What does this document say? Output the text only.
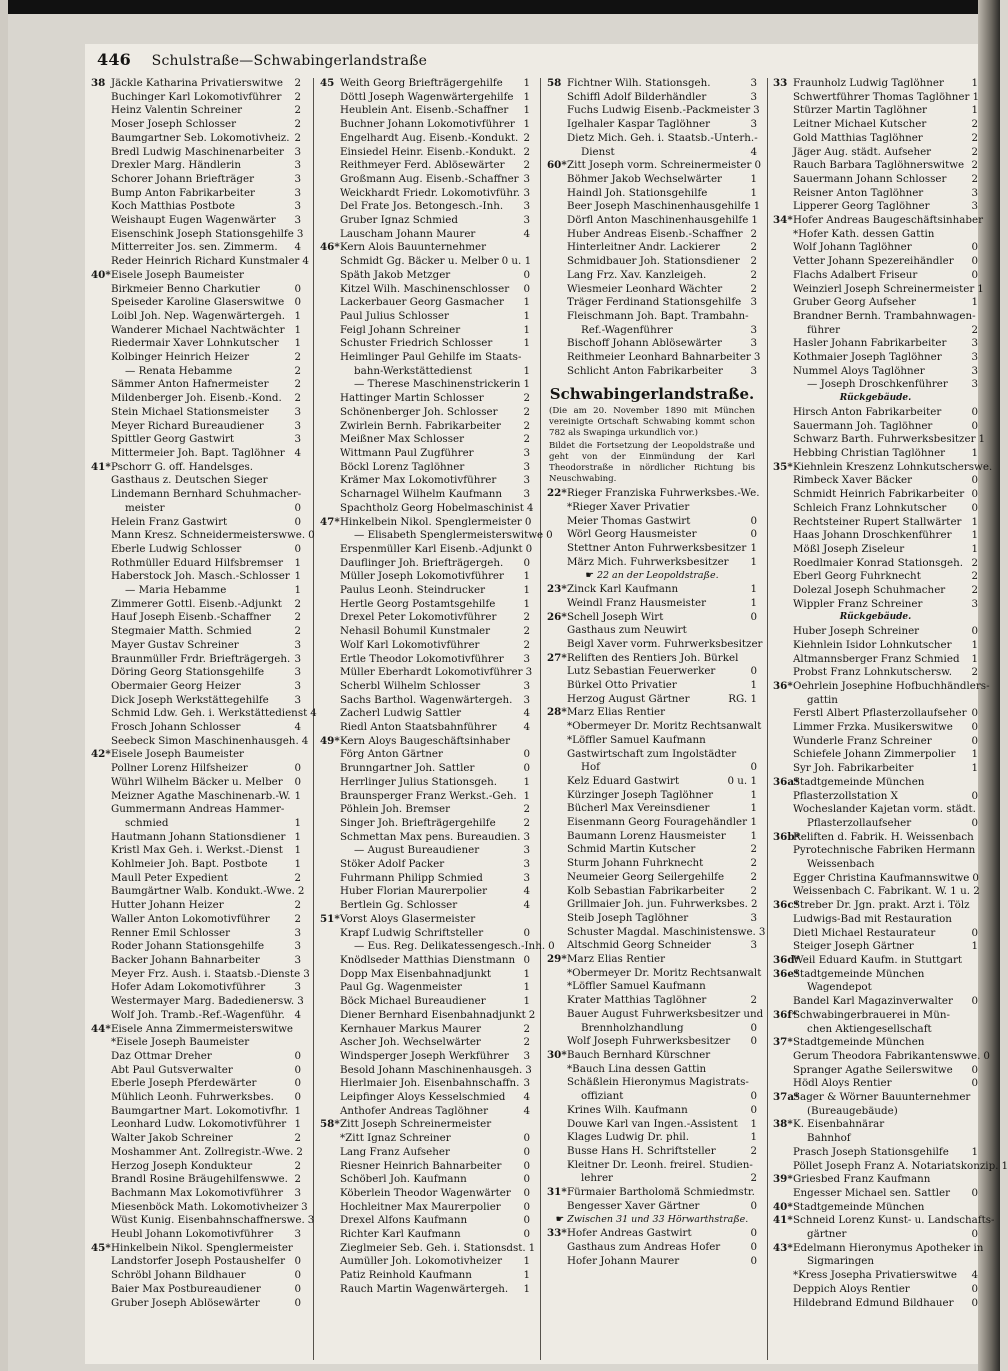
446 Schulstraße—Schwabingerlandstraße
38 Jäckle Katharina Privatierswitwe	2
Buchinger Karl Lokomotivführer	2
Heinz Valentin Schreiner	2
Moser Joseph Schlosser	2
Baumgartner Seb. Lokomotivheiz. 2
Bredl Ludwig Maschinenarbeiter	3
Drexler Marg. Händlerin	3
Schorer Johann Briefträger	3
Bump Anton Fabrikarbeiter	3
Koch Matthias Postbote	3
Weishaupt Eugen Wagenwärter	3
Eisenschink Joseph Stationsgehilfe 3
Mitterreiter Jos. sen. Zimmerm.	4
Reder Heinrich Richard Kunstmaler 4
40* Eisele Joseph Baumeister
Birkmeier Benno Charkutier	0
Speiseder Karoline Glaserswitwe 0
Loibl Joh. Nep. Wagenwärtergeh. 1
Wanderer Michael Nachtwächter 1
Riedermair Xaver Lohnkutscher	1
Kolbinger Heinrich Heizer	2
— Renata Hebamme	2
Sämmer Anton Hafnermeister	2
Mildenberger Joh. Eisenb.-Kond.	2
Stein Michael Stationsmeister	3
Meyer Richard Bureaudiener	3
Spittler Georg Gastwirt	3
Mittermeier Joh. Bapt. Taglöhner 4
41* Pschorr G. off. Handelsges.
Gasthaus z. Deutschen Sieger
Lindemann Bernhard Schuhmacher-
meister	0
Helein Franz Gastwirt	0
Mann Kresz. Schneidermeisterswwe. 0
Eberle Ludwig Schlosser	0
Rothmüller Eduard Hilfsbremser	1
Haberstock Joh. Masch.-Schlosser 1
— Maria Hebamme	1
Zimmerer Gottl. Eisenb.-Adjunkt	2
Hauf Joseph Eisenb.-Schaffner	2
Stegmaier Matth. Schmied	2
Mayer Gustav Schreiner	3
Braunmüller Frdr. Briefträgergeh. 3
Döring Georg Stationsgehilfe	3
Obermaier Georg Heizer	3
Dick Joseph Werkstättegehilfe	3
Schmid Ldw. Geh. i. Werkstättedienst 4
Frosch Johann Schlosser	4
Seebeck Simon Maschinenhausgeh. 4
42* Eisele Joseph Baumeister
Pollner Lorenz Hilfsheizer	0
Wührl Wilhelm Bäcker u. Melber	0
Meizner Agathe Maschinenarb.-W. 1
Gummermann Andreas Hammer-
schmied	1
Hautmann Johann Stationsdiener 1
Kristl Max Geh. i. Werkst.-Dienst	1
Kohlmeier Joh. Bapt. Postbote	1
Maull Peter Expedient	2
Baumgärtner Walb. Kondukt.-Wwe. 2
Hutter Johann Heizer	2
Waller Anton Lokomotivführer	2
Renner Emil Schlosser	3
Roder Johann Stationsgehilfe	3
Backer Johann Bahnarbeiter	3
Meyer Frz. Aush. i. Staatsb.-Dienste 3
Hofer Adam Lokomotivführer	3
Westermayer Marg. Badedienersw. 3
Wolf Joh. Tramb.-Ref.-Wagenführ. 4
44* Eisele Anna Zimmermeisterswitwe
*Eisele Joseph Baumeister
Daz Ottmar Dreher	0
Abt Paul Gutsverwalter	0
Eberle Joseph Pferdewärter	0
Mühlich Leonh. Fuhrwerksbes.	0
Baumgartner Mart. Lokomotivfhr. 1
Leonhard Ludw. Lokomotivführer 1
Walter Jakob Schreiner	2
Moshammer Ant. Zollregistr.-Wwe. 2
Herzog Joseph Kondukteur	2
Brandl Rosine Bräugehilfenswwe. 2
Bachmann Max Lokomotivführer	3
Miesenböck Math. Lokomotivheizer 3
Wüst Kunig. Eisenbahnschaffnerswe. 3
Heubl Johann Lokomotivführer	3
45* Hinkelbein Nikol. Spenglermeister
Landstorfer Joseph Postaushelfer 0
Schröbl Johann Bildhauer	0
Baier Max Postbureaudiener	0
Gruber Joseph Ablösewärter	0
45 Weith Georg Briefträgergehilfe	1
Döttl Joseph Wagenwärtergehilfe 1
Heublein Ant. Eisenb.-Schaffner	1
Buchner Johann Lokomotivführer 1
Engelhardt Aug. Eisenb.-Kondukt. 2
Einsiedel Heinr. Eisenb.-Kondukt. 2
Reithmeyer Ferd. Ablösewärter	2
Großmann Aug. Eisenb.-Schaffner 3
Weickhardt Friedr. Lokomotivführ. 3
Del Frate Jos. Betongesch.-Inh.	3
Gruber Ignaz Schmied	3
Lauscham Johann Maurer	4
46* Kern Alois Bauunternehmer
Schmidt Gg. Bäcker u. Melber 0 u. 1
Späth Jakob Metzger	0
Kitzel Wilh. Maschinenschlosser	0
Lackerbauer Georg Gasmacher	1
Paul Julius Schlosser	1
Feigl Johann Schreiner	1
Schuster Friedrich Schlosser	1
Heimlinger Paul Gehilfe im Staats-
bahn-Werkstättedienst	1
— Therese Maschinenstrickerin 1
Hattinger Martin Schlosser	2
Schönenberger Joh. Schlosser	2
Zwirlein Bernh. Fabrikarbeiter	2
Meißner Max Schlosser	2
Wittmann Paul Zugführer	3
Böckl Lorenz Taglöhner	3
Krämer Max Lokomotivführer	3
Scharnagel Wilhelm Kaufmann	3
Spachtholz Georg Hobelmaschinist 4
47* Hinkelbein Nikol. Spenglermeister 0
— Elisabeth Spenglermeisterswitwe 0
Erspenmüller Karl Eisenb.-Adjunkt 0
Dauflinger Joh. Briefträgergeh.	0
Müller Joseph Lokomotivführer	1
Paulus Leonh. Steindrucker	1
Hertle Georg Postamtsgehilfe	1
Drexel Peter Lokomotivführer	2
Nehasil Bohumil Kunstmaler	2
Wolf Karl Lokomotivführer	2
Ertle Theodor Lokomotivführer	3
Müller Eberhardt Lokomotivführer 3
Scherbl Wilhelm Schlosser	3
Sachs Barthol. Wagenwärtergeh.	3
Zacherl Ludwig Sattler	4
Riedl Anton Staatsbahnführer	4
49* Kern Aloys Baugeschäftsinhaber
Förg Anton Gärtner	0
Brunngartner Joh. Sattler	0
Herrlinger Julius Stationsgeh.	1
Braunsperger Franz Werkst.-Geh. 1
Pöhlein Joh. Bremser	2
Singer Joh. Briefträgergehilfe	2
Schmettan Max pens. Bureaudien. 3
— August Bureaudiener	3
Stöker Adolf Packer	3
Fuhrmann Philipp Schmied	3
Huber Florian Maurerpolier	4
Bertlein Gg. Schlosser	4
51* Vorst Aloys Glasermeister
Krapf Ludwig Schriftsteller	0
— Eus. Reg. Delikatessengesch.-Inh. 0
Knödlseder Matthias Dienstmann 0
Dopp Max Eisenbahnadjunkt	1
Paul Gg. Wagenmeister	1
Böck Michael Bureaudiener	1
Diener Bernhard Eisenbahnadjunkt 2
Kernhauer Markus Maurer	2
Ascher Joh. Wechselwärter	2
Windsperger Joseph Werkführer	3
Besold Johann Maschinenhausgeh. 3
Hierlmaier Joh. Eisenbahnschaffn. 3
Leipfinger Aloys Kesselschmied	4
Anthofer Andreas Taglöhner	4
58* Zitt Joseph Schreinermeister
*Zitt Ignaz Schreiner	0
Lang Franz Aufseher	0
Riesner Heinrich Bahnarbeiter	0
Schöberl Joh. Kaufmann	0
Köberlein Theodor Wagenwärter	0
Hochleitner Max Maurerpolier	0
Drexel Alfons Kaufmann	0
Richter Karl Kaufmann	0
Zieglmeier Seb. Geh. i. Stationsdst. 1
Aumüller Joh. Lokomotivheizer	1
Patiz Reinhold Kaufmann	1
Rauch Martin Wagenwärtergeh.	1
58 Fichtner Wilh. Stationsgeh.	3
Schiffl Adolf Bilderhändler	3
Fuchs Ludwig Eisenb.-Packmeister 3
Igelhaler Kaspar Taglöhner	3
Dietz Mich. Geh. i. Staatsb.-Unterh.-
Dienst	4
60* Zitt Joseph vorm. Schreinermeister 0
Böhmer Jakob Wechselwärter	1
Haindl Joh. Stationsgehilfe	1
Beer Joseph Maschinenhausgehilfe 1
Dörfl Anton Maschinenhausgehilfe 1
Huber Andreas Eisenb.-Schaffner 2
Hinterleitner Andr. Lackierer	2
Schmidbauer Joh. Stationsdiener	2
Lang Frz. Xav. Kanzleigeh.	2
Wiesmeier Leonhard Wächter	2
Träger Ferdinand Stationsgehilfe 3
Fleischmann Joh. Bapt. Trambahn-
Ref.-Wagenführer	3
Bischoff Johann Ablösewärter	3
Reithmeier Leonhard Bahnarbeiter 3
Schlicht Anton Fabrikarbeiter	3
Schwabingerlandstraße.
(Die am 20. November 1890 mit München vereinigte Ortschaft Schwabing kommt schon 782 als Swapinga urkundlich vor.)
Bildet die Fortsetzung der Leopoldstraße und geht von der Einmündung der Karl Theodorstraße in nördlicher Richtung bis Neuschwabing.
22* Rieger Franziska Fuhrwerksbes.-We.
*Rieger Xaver Privatier
Meier Thomas Gastwirt	0
Wörl Georg Hausmeister	0
Stettner Anton Fuhrwerksbesitzer 1
März Mich. Fuhrwerksbesitzer	1
☛ 22 an der Leopoldstraße.
23* Zinck Karl Kaufmann	1
Weindl Franz Hausmeister	1
26* Schell Joseph Wirt	0
Gasthaus zum Neuwirt
Beigl Xaver vorm. Fuhrwerksbesitzer
27* Reliften des Rentiers Joh. Bürkel
Lutz Sebastian Feuerwerker	0
Bürkel Otto Privatier	1
Herzog August Gärtner	RG. 1
28* Marz Elias Rentier
*Obermeyer Dr. Moritz Rechtsanwalt
*Löffler Samuel Kaufmann
Gastwirtschaft zum Ingolstädter
Hof	0
Kelz Eduard Gastwirt	0 u. 1
Kürzinger Joseph Taglöhner	1
Bücherl Max Vereinsdiener	1
Eisenmann Georg Fouragehändler 1
Baumann Lorenz Hausmeister	1
Schmid Martin Kutscher	2
Sturm Johann Fuhrknecht	2
Neumeier Georg Seilergehilfe	2
Kolb Sebastian Fabrikarbeiter	2
Grillmaier Joh. jun. Fuhrwerksbes. 2
Steib Joseph Taglöhner	3
Schuster Magdal. Maschinistenswe. 3
Altschmid Georg Schneider	3
29* Marz Elias Rentier
*Obermeyer Dr. Moritz Rechtsanwalt
*Löffler Samuel Kaufmann
Krater Matthias Taglöhner	2
Bauer August Fuhrwerksbesitzer und
Brennholzhandlung	0
Wolf Joseph Fuhrwerksbesitzer	0
30* Bauch Bernhard Kürschner
*Bauch Lina dessen Gattin
Schäßlein Hieronymus Magistrats-
offiziant	0
Krines Wilh. Kaufmann	0
Douwe Karl van Ingen.-Assistent	1
Klages Ludwig Dr. phil.	1
Busse Hans H. Schriftsteller	2
Kleitner Dr. Leonh. freirel. Studien-
lehrer	2
31* Fürmaier Bartholomä Schmiedmstr.
Bengesser Xaver Gärtner	0
☛ Zwischen 31 und 33 Hörwarthstraße.
33* Hofer Andreas Gastwirt	0
Gasthaus zum Andreas Hofer	0
Hofer Johann Maurer	0
33 Fraunholz Ludwig Taglöhner	1
Schwertführer Thomas Taglöhner 1
Stürzer Martin Taglöhner	1
Leitner Michael Kutscher	2
Gold Matthias Taglöhner	2
Jäger Aug. städt. Aufseher	2
Rauch Barbara Taglöhnerswitwe 2
Sauermann Johann Schlosser	2
Reisner Anton Taglöhner	3
Lipperer Georg Taglöhner	3
34* Hofer Andreas Baugeschäftsinhaber
*Hofer Kath. dessen Gattin
Wolf Johann Taglöhner	0
Vetter Johann Spezereihändler	0
Flachs Adalbert Friseur	0
Weinzierl Joseph Schreinermeister 1
Gruber Georg Aufseher	1
Brandner Bernh. Trambahnwagen-
führer	2
Hasler Johann Fabrikarbeiter	3
Kothmaier Joseph Taglöhner	3
Nummel Aloys Taglöhner	3
— Joseph Droschkenführer	3
Rückgebäude.
Hirsch Anton Fabrikarbeiter	0
Sauermann Joh. Taglöhner	0
Schwarz Barth. Fuhrwerksbesitzer 1
Hebbing Christian Taglöhner	1
35* Kiehnlein Kreszenz Lohnkutscherswe.
Rimbeck Xaver Bäcker	0
Schmidt Heinrich Fabrikarbeiter 0
Schleich Franz Lohnkutscher	0
Rechtsteiner Rupert Stallwärter 1
Haas Johann Droschkenführer	1
Mößl Joseph Ziseleur	1
Roedlmaier Konrad Stationsgeh. 2
Eberl Georg Fuhrknecht	2
Dolezal Joseph Schuhmacher	2
Wippler Franz Schreiner	3
Rückgebäude.
Huber Joseph Schreiner	0
Kiehnlein Isidor Lohnkutscher	1
Altmannsberger Franz Schmied	1
Probst Franz Lohnkutschersw.	2
36* Oehrlein Josephine Hofbuchhändlers-
gattin
Ferstl Albert Pflasterzollaufseher 0
Limmer Frzka. Musikerswitwe	0
Wunderle Franz Schreiner	0
Schiefele Johann Zimmerpolier	1
Syr Joh. Fabrikarbeiter	1
36a*
Stadtgemeinde München
Pflasterzollstation X	0
Wocheslander Kajetan vorm. städt.
Pflasterzollaufseher	0
36b*
Reliften d. Fabrik. H. Weissenbach
Pyrotechnische Fabriken Hermann
Weissenbach
Egger Christina Kaufmannswitwe 0
Weissenbach C. Fabrikant. W. 1 u. 2
36c*
Streber Dr. Jgn. prakt. Arzt i. Tölz
Ludwigs-Bad mit Restauration
Dietl Michael Restaurateur	0
Steiger Joseph Gärtner	1
36d*
Weil Eduard Kaufm. in Stuttgart
36e*
Stadtgemeinde München
Wagendepot
Bandel Karl Magazinverwalter	0
36f*
Schwabingerbrauerei in Mün-
chen Aktiengesellschaft
37* Stadtgemeinde München
Gerum Theodora Fabrikantenswwe. 0
Spranger Agathe Seilerswitwe	0
Hödl Aloys Rentier	0
37a*
Sager & Wörner Bauunternehmer
(Bureaugebäude)
38* K. Eisenbahnärar
Bahnhof
Prasch Joseph Stationsgehilfe	1
Pöllet Joseph Franz A. Notariatskonzip. 1
39* Griesbed Franz Kaufmann
Engesser Michael sen. Sattler	0
40* Stadtgemeinde München
41* Schneid Lorenz Kunst- u. Landschafts-
gärtner	0
43* Edelmann Hieronymus Apotheker in
Sigmaringen
*Kress Josepha Privatierswitwe	4
Deppich Aloys Rentier	0
Hildebrand Edmund Bildhauer	0
